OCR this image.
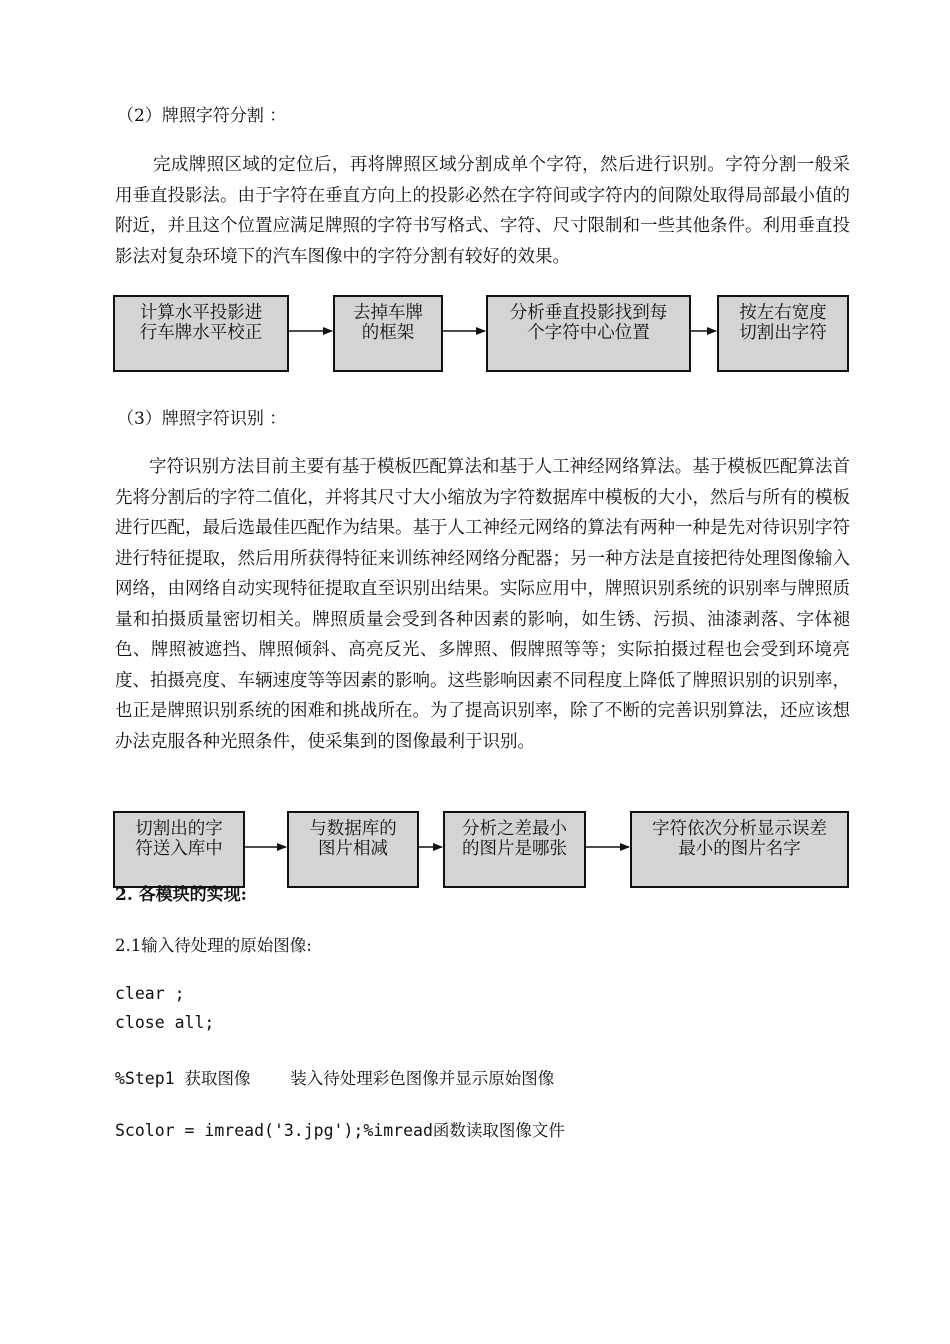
（2）牌照字符分割 ：
完成牌照区域的定位后，再将牌照区域分割成单个字符，然后进行识别。字符分割一般采用垂直投影法。由于字符在垂直方向上的投影必然在字符间或字符内的间隙处取得局部最小值的附近，并且这个位置应满足牌照的字符书写格式、字符、尺寸限制和一些其他条件。利用垂直投影法对复杂环境下的汽车图像中的字符分割有较好的效果。
计算水平投影进
行车牌水平校正
去掉车牌
的框架
分析垂直投影找到每
个字符中心位置
按左右宽度
切割出字符
（3）牌照字符识别 ：
字符识别方法目前主要有基于模板匹配算法和基于人工神经网络算法。基于模板匹配算法首先将分割后的字符二值化，并将其尺寸大小缩放为字符数据库中模板的大小，然后与所有的模板进行匹配，最后选最佳匹配作为结果。基于人工神经元网络的算法有两种一种是先对待识别字符进行特征提取，然后用所获得特征来训练神经网络分配器；另一种方法是直接把待处理图像输入网络，由网络自动实现特征提取直至识别出结果。实际应用中，牌照识别系统的识别率与牌照质量和拍摄质量密切相关。牌照质量会受到各种因素的影响，如生锈、污损、油漆剥落、字体褪色、牌照被遮挡、牌照倾斜、高亮反光、多牌照、假牌照等等；实际拍摄过程也会受到环境亮度、拍摄亮度、车辆速度等等因素的影响。这些影响因素不同程度上降低了牌照识别的识别率，也正是牌照识别系统的困难和挑战所在。为了提高识别率，除了不断的完善识别算法，还应该想办法克服各种光照条件，使采集到的图像最利于识别。
切割出的字
符送入库中
与数据库的
图片相减
分析之差最小
的图片是哪张
字符依次分析显示误差
最小的图片名字
2. 各模块的实现:
2.1输入待处理的原始图像:
clear ;
close all;
%Step1 获取图像    装入待处理彩色图像并显示原始图像
Scolor = imread('3.jpg');%imread函数读取图像文件
